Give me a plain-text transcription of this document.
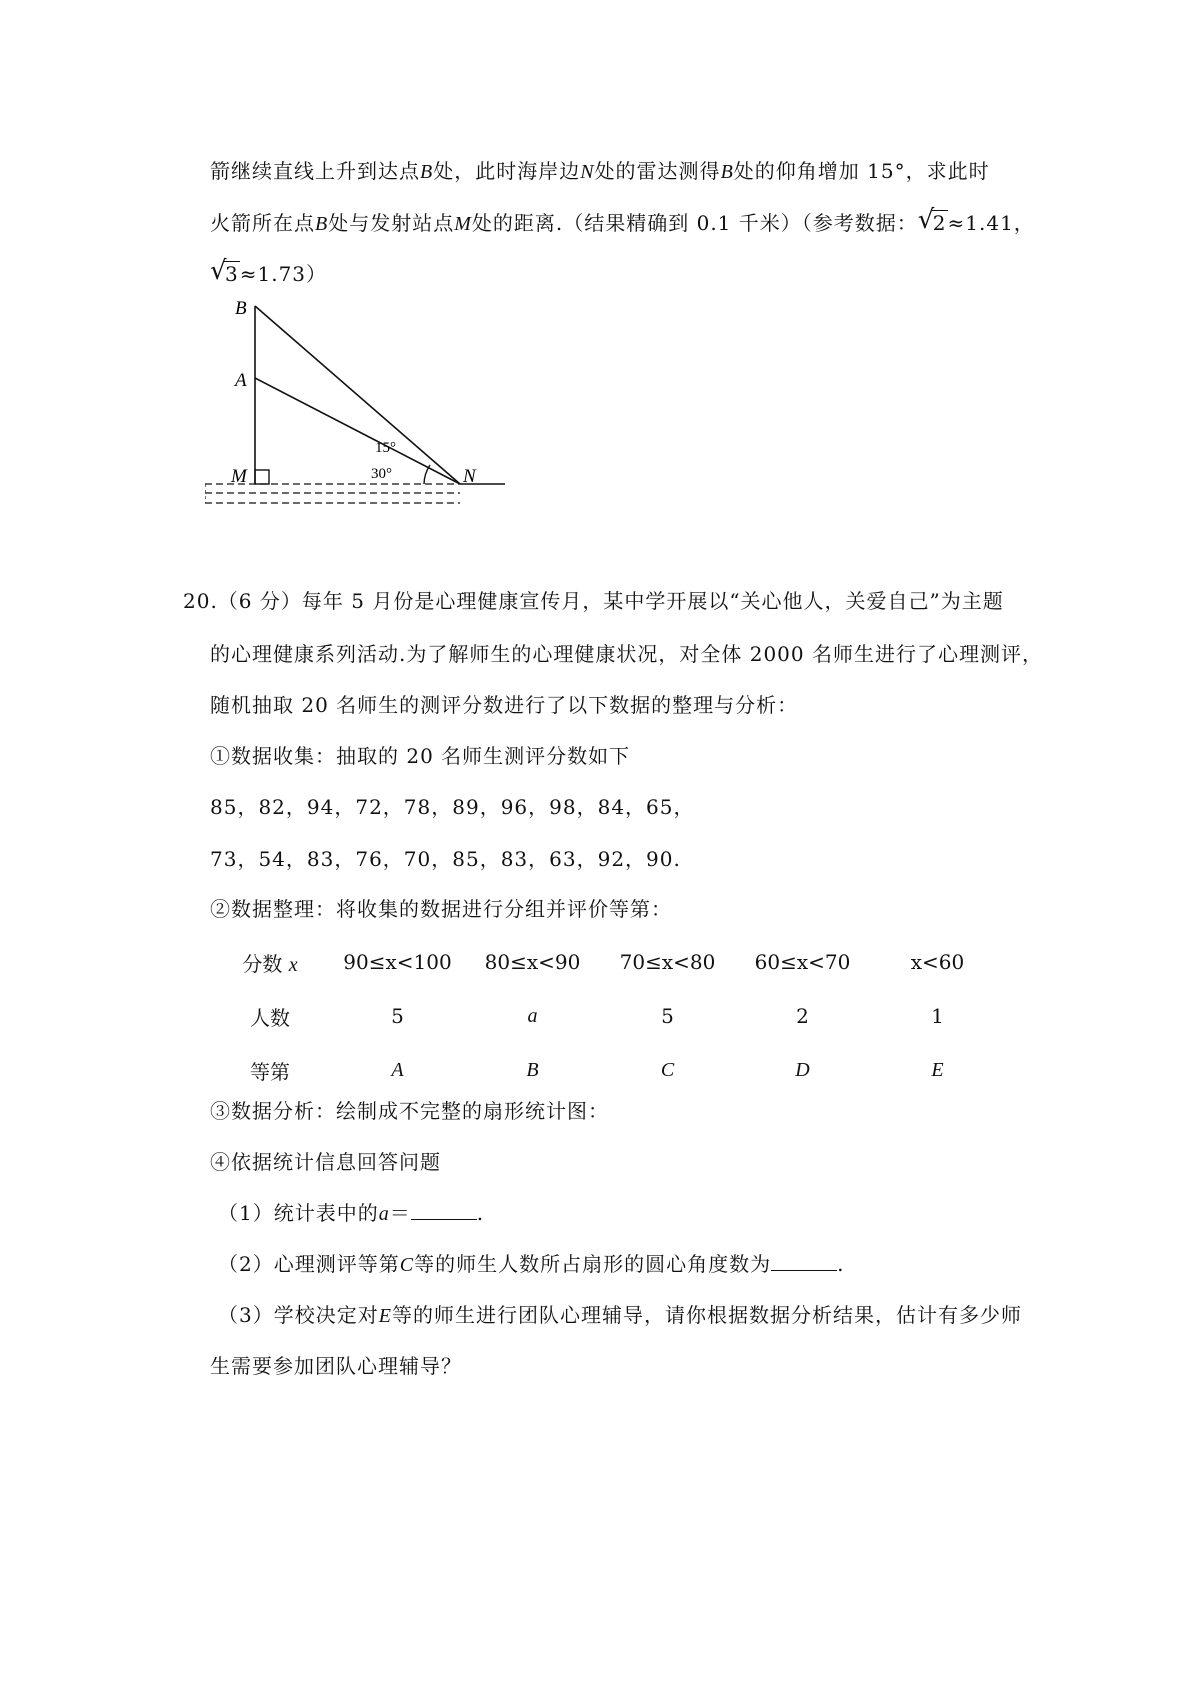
箭继续直线上升到达点B处，此时海岸边N处的雷达测得B处的仰角增加 15°，求此时
火箭所在点B处与发射站点M处的距离.（结果精确到 0.1 千米）（参考数据： √
2≈1.41，
√
3≈1.73）
B
A
M	N
15°
30°
20.（6 分）每年 5 月份是心理健康宣传月，某中学开展以“关心他人，关爱自己”为主题
的心理健康系列活动.为了解师生的心理健康状况，对全体 2000 名师生进行了心理测评，
随机抽取 20 名师生的测评分数进行了以下数据的整理与分析：
①数据收集：抽取的 20 名师生测评分数如下
85，82，94，72，78，89，96，98，84，65，
73，54，83，76，70，85，83，63，92，90.
②数据整理：将收集的数据进行分组并评价等第：
分数 x	90≤x<100	80≤x<90	70≤x<80	60≤x<70	x<60
人数	5	a	5	2	1
等第	A	B	C	D	E
③数据分析：绘制成不完整的扇形统计图：
④依据统计信息回答问题
（1）统计表中的a＝	.
（2）心理测评等第C等的师生人数所占扇形的圆心角度数为	.
（3）学校决定对E等的师生进行团队心理辅导，请你根据数据分析结果，估计有多少师
生需要参加团队心理辅导？
